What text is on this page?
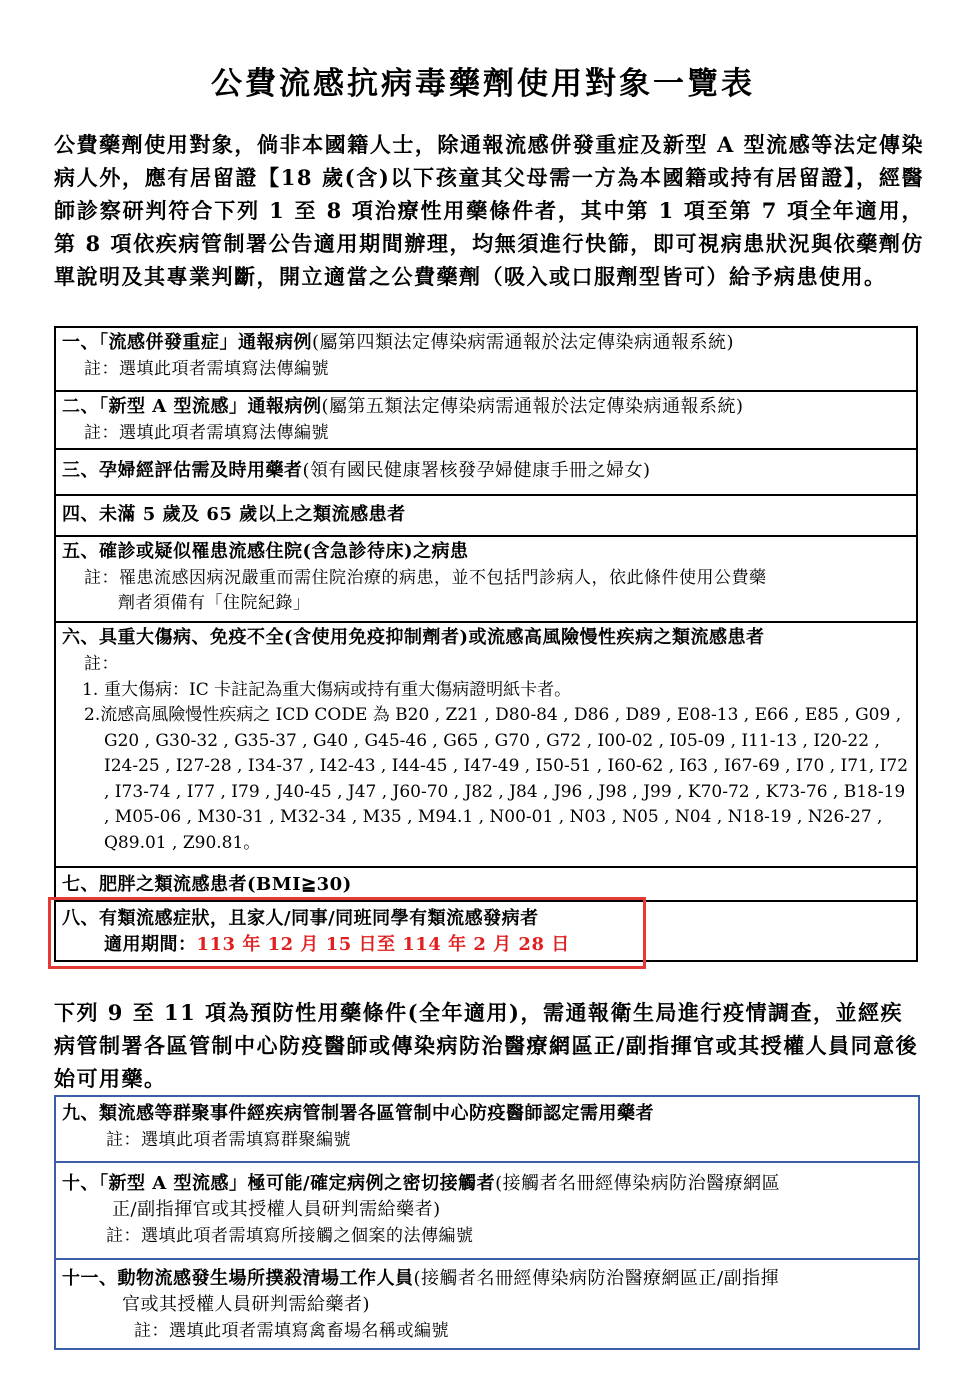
公費流感抗病毒藥劑使用對象一覽表
公費藥劑使用對象，倘非本國籍人士，除通報流感併發重症及新型 A 型流感等法定傳染病人外，應有居留證【18 歲(含)以下孩童其父母需一方為本國籍或持有居留證】，經醫師診察研判符合下列 1 至 8 項治療性用藥條件者，其中第 1 項至第 7 項全年適用，第 8 項依疾病管制署公告適用期間辦理，均無須進行快篩，即可視病患狀況與依藥劑仿單說明及其專業判斷，開立適當之公費藥劑（吸入或口服劑型皆可）給予病患使用。
一、「流感併發重症」通報病例(屬第四類法定傳染病需通報於法定傳染病通報系統)
註：選填此項者需填寫法傳編號
二、「新型 A 型流感」通報病例(屬第五類法定傳染病需通報於法定傳染病通報系統)
註：選填此項者需填寫法傳編號
三、孕婦經評估需及時用藥者(領有國民健康署核發孕婦健康手冊之婦女)
四、未滿 5 歲及 65 歲以上之類流感患者
五、確診或疑似罹患流感住院(含急診待床)之病患
註：罹患流感因病況嚴重而需住院治療的病患，並不包括門診病人，依此條件使用公費藥
劑者須備有「住院紀錄」
六、具重大傷病、免疫不全(含使用免疫抑制劑者)或流感高風險慢性疾病之類流感患者
註：
1. 重大傷病：IC 卡註記為重大傷病或持有重大傷病證明紙卡者。
2.流感高風險慢性疾病之 ICD CODE 為 B20 , Z21 , D80-84 , D86 , D89 , E08-13 , E66 , E85 , G09 , G20 , G30-32 , G35-37 , G40 , G45-46 , G65 , G70 , G72 , I00-02 , I05-09 , I11-13 , I20-22 , I24-25 , I27-28 , I34-37 , I42-43 , I44-45 , I47-49 , I50-51 , I60-62 , I63 , I67-69 , I70 , I71, I72 , I73-74 , I77 , I79 , J40-45 , J47 , J60-70 , J82 , J84 , J96 , J98 , J99 , K70-72 , K73-76 , B18-19 , M05-06 , M30-31 , M32-34 , M35 , M94.1 , N00-01 , N03 , N05 , N04 , N18-19 , N26-27 , Q89.01 , Z90.81。
七、肥胖之類流感患者(BMI≧30)
八、有類流感症狀，且家人/同事/同班同學有類流感發病者
適用期間：113 年 12 月 15 日至 114 年 2 月 28 日
下列 9 至 11 項為預防性用藥條件(全年適用)，需通報衛生局進行疫情調查，並經疾病管制署各區管制中心防疫醫師或傳染病防治醫療網區正/副指揮官或其授權人員同意後始可用藥。
九、類流感等群聚事件經疾病管制署各區管制中心防疫醫師認定需用藥者
註：選填此項者需填寫群聚編號
十、「新型 A 型流感」極可能/確定病例之密切接觸者(接觸者名冊經傳染病防治醫療網區
正/副指揮官或其授權人員研判需給藥者)
註：選填此項者需填寫所接觸之個案的法傳編號
十一、動物流感發生場所撲殺清場工作人員(接觸者名冊經傳染病防治醫療網區正/副指揮
官或其授權人員研判需給藥者)
註：選填此項者需填寫禽畜場名稱或編號
